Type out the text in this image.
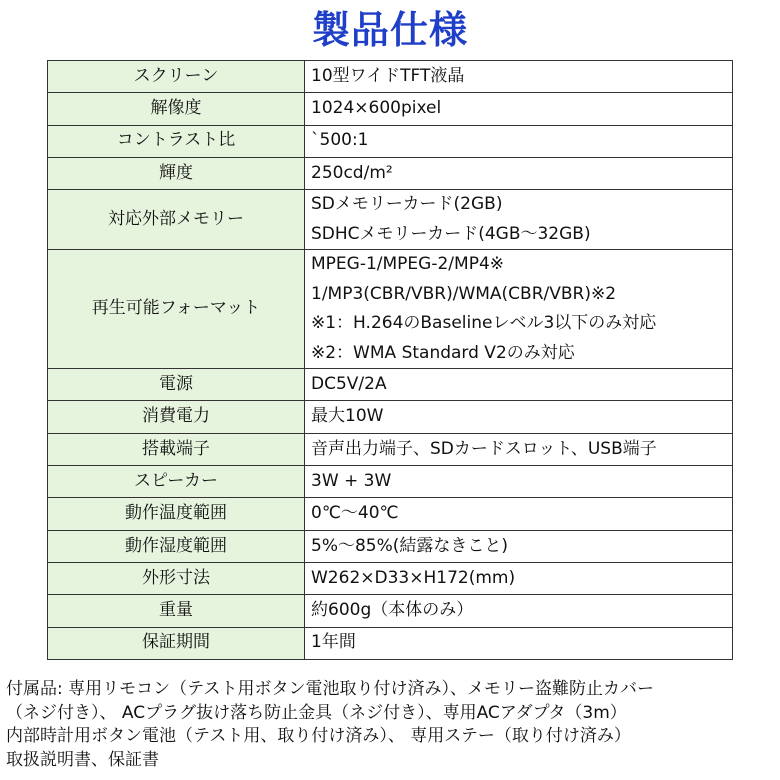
製品仕様
スクリーン	10型ワイドTFT液晶

解像度	1024×600pixel

コントラスト比	`500:1

輝度	250cd/m²

対応外部メモリー	SDメモリーカード(2GB)
SDHCメモリーカード(4GB～32GB)

再生可能フォーマット	MPEG-1/MPEG-2/MP4※
1/MP3(CBR/VBR)/WMA(CBR/VBR)※2
※1：H.264のBaselineレベル3以下のみ対応
※2：WMA Standard V2のみ対応

電源	DC5V/2A

消費電力	最大10W

搭載端子	音声出力端子、SDカードスロット、USB端子

スピーカー	3W + 3W

動作温度範囲	0℃～40℃

動作湿度範囲	5%～85%(結露なきこと)

外形寸法	W262×D33×H172(mm)

重量	約600g（本体のみ）

保証期間	1年間
付属品: 専用リモコン（テスト用ボタン電池取り付け済み）、メモリー盗難防止カバー
（ネジ付き）、 ACプラグ抜け落ち防止金具（ネジ付き）、専用ACアダプタ（3m）
内部時計用ボタン電池（テスト用、取り付け済み）、 専用ステー（取り付け済み）
取扱説明書、保証書
